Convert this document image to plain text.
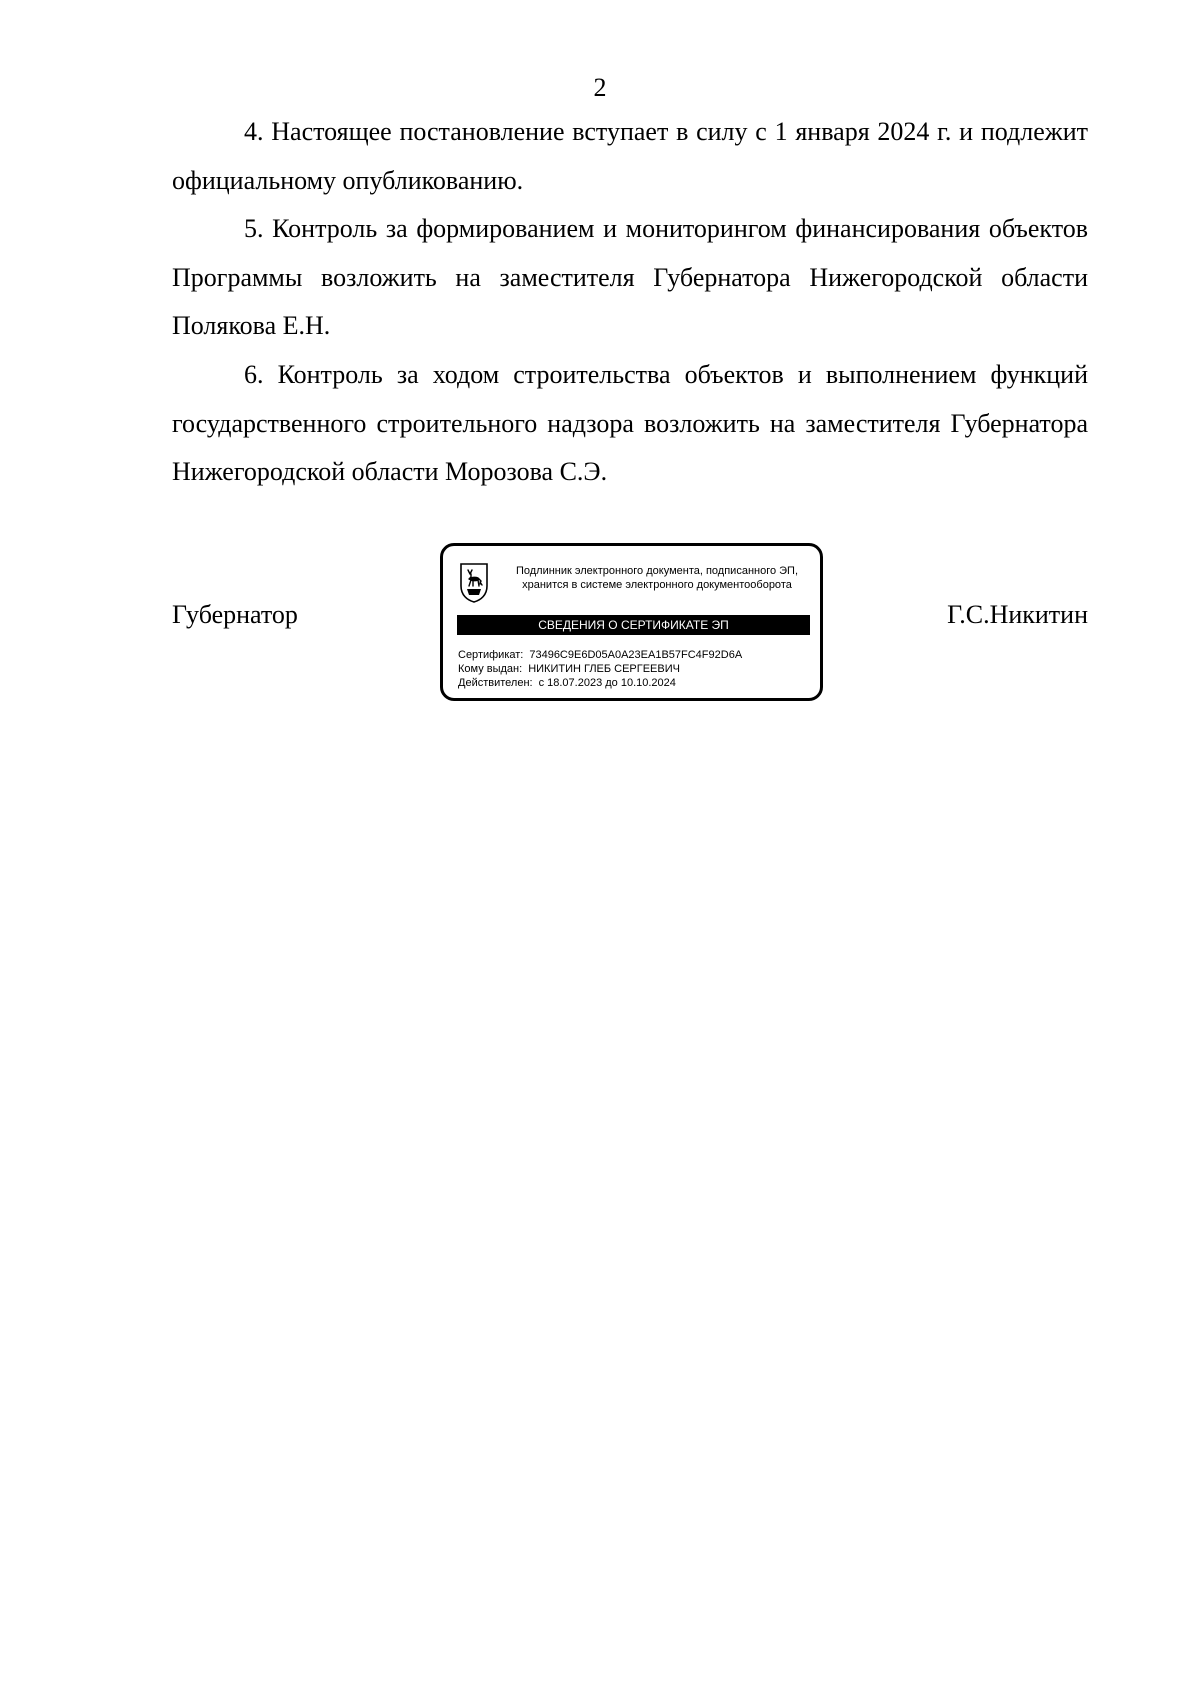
2

4. Настоящее постановление вступает в силу с 1 января 2024 г. и подлежит официальному опубликованию.

5. Контроль за формированием и мониторингом финансирования объектов Программы возложить на заместителя Губернатора Нижегородской области Полякова Е.Н.

6. Контроль за ходом строительства объектов и выполнением функций государственного строительного надзора возложить на заместителя Губернатора Нижегородской области Морозова С.Э.

Губернатор
Подлинник электронного документа, подписанного ЭП,
хранится в системе электронного документооборота
СВЕДЕНИЯ О СЕРТИФИКАТЕ ЭП
Сертификат: 73496C9E6D05A0A23EA1B57FC4F92D6A
Кому выдан: НИКИТИН ГЛЕБ СЕРГЕЕВИЧ
Действителен: с 18.07.2023 до 10.10.2024
Г.С.Никитин
